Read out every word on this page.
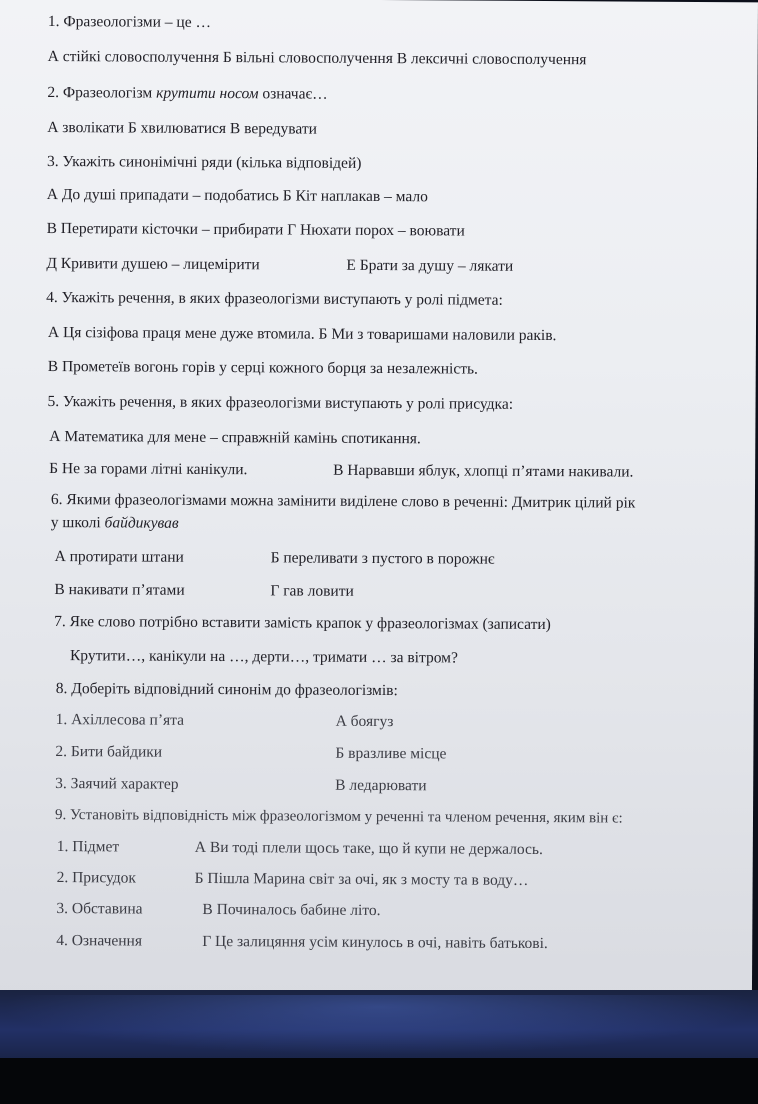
1. Фразеологізми – це …
А стійкі словосполучення Б вільні словосполучення В лексичні словосполучення
2. Фразеологізм крутити носом означає…
А зволікати Б хвилюватися В вередувати
3. Укажіть синонімічні ряди (кілька відповідей)
А До душі припадати – подобатись Б Кіт наплакав – мало
В Перетирати кісточки – прибирати Г Нюхати порох – воювати
Д Кривити душею – лицемірити	Е Брати за душу – лякати
4. Укажіть речення, в яких фразеологізми виступають у ролі підмета:
А Ця сізіфова праця мене дуже втомила. Б Ми з товаришами наловили раків.
В Прометеїв вогонь горів у серці кожного борця за незалежність.
5. Укажіть речення, в яких фразеологізми виступають у ролі присудка:
А Математика для мене – справжній камінь спотикання.
Б Не за горами літні канікули.	В Нарвавши яблук, хлопці п’ятами накивали.
6. Якими фразеологізмами можна замінити виділене слово в реченні: Дмитрик цілий рік
у школі байдикував
А протирати штани	Б переливати з пустого в порожнє
В накивати п’ятами	Г гав ловити
7. Яке слово потрібно вставити замість крапок у фразеологізмах (записати)
Крутити…, канікули на …, дерти…, тримати … за вітром?
8. Доберіть відповідний синонім до фразеологізмів:
1. Ахіллесова п’ята	А боягуз
2. Бити байдики	Б вразливе місце
3. Заячий характер	В ледарювати
9. Установіть відповідність між фразеологізмом у реченні та членом речення, яким він є:
1. Підмет	А Ви тоді плели щось таке, що й купи не держалось.
2. Присудок	Б Пішла Марина світ за очі, як з мосту та в воду…
3. Обставина	В Починалось бабине літо.
4. Означення	Г Це залицяння усім кинулось в очі, навіть батькові.
